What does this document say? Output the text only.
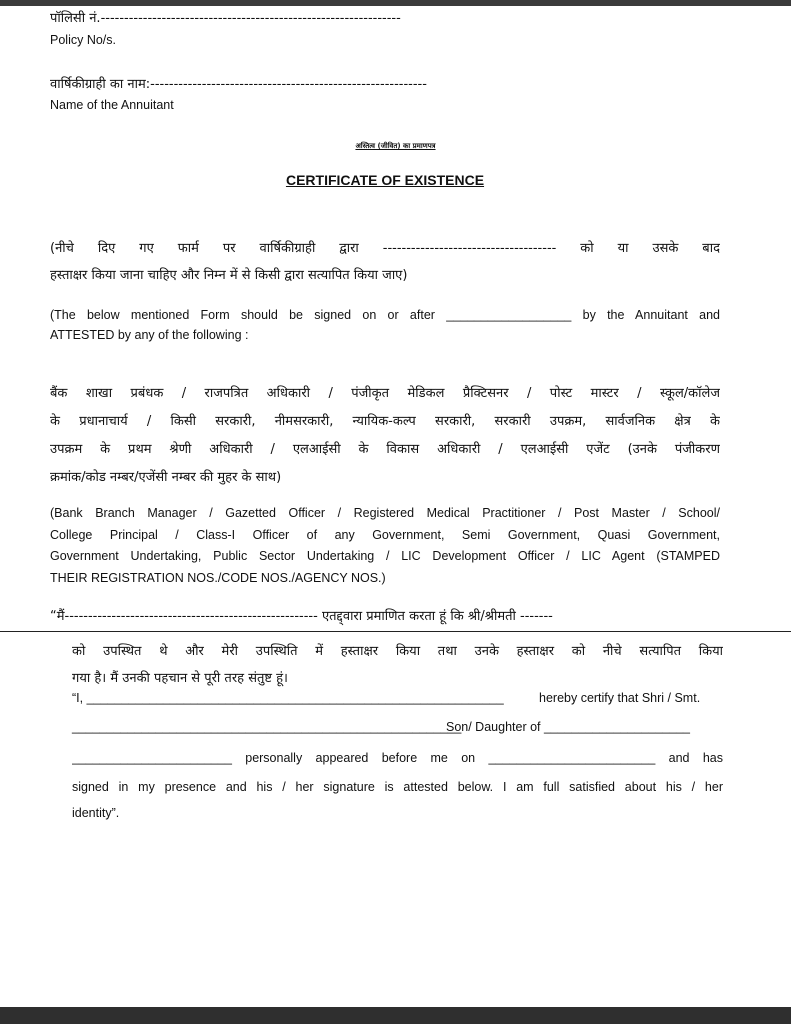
पॉलिसी नं.----------------------------------------------------------------
Policy No/s.
वार्षिकीग्राही का नाम:-----------------------------------------------------------
Name of the Annuitant
अस्तित्व (जीवित) का प्रमाणपत्र
CERTIFICATE OF EXISTENCE
(नीचे दिए गए फार्म पर वार्षिकीग्राही द्वारा ------------------------------------- को या उसके बाद
हस्ताक्षर किया जाना चाहिए और निम्न में से किसी द्वारा सत्यापित किया जाए)
(The below mentioned Form should be signed on or after __________________ by the Annuitant and
ATTESTED by any of the following :
बैंक शाखा प्रबंधक / राजपत्रित अधिकारी / पंजीकृत मेडिकल प्रैक्टिसनर / पोस्ट मास्टर / स्कूल/कॉलेज
के प्रधानाचार्य / किसी सरकारी, नीमसरकारी, न्यायिक-कल्प सरकारी, सरकारी उपक्रम, सार्वजनिक क्षेत्र के
उपक्रम के प्रथम श्रेणी अधिकारी / एलआईसी के विकास अधिकारी / एलआईसी एजेंट (उनके पंजीकरण
क्रमांक/कोड नम्बर/एजेंसी नम्बर की मुहर के साथ)
(Bank Branch Manager / Gazetted Officer / Registered Medical Practitioner / Post Master / School/
College Principal / Class-I Officer of any Government, Semi Government, Quasi Government,
Government Undertaking, Public Sector Undertaking / LIC Development Officer / LIC Agent (STAMPED
THEIR REGISTRATION NOS./CODE NOS./AGENCY NOS.)
“मैं------------------------------------------------------ एतद्द्वारा प्रमाणित करता हूं कि श्री/श्रीमती -------
को उपस्थित थे और मेरी उपस्थिति में हस्ताक्षर किया तथा उनके हस्ताक्षर को नीचे सत्यापित किया
गया है। मैं उनकी पहचान से पूरी तरह संतुष्ट हूं।
“I, ____________________________________________________________	hereby certify that Shri / Smt.
________________________________________________________
Son/ Daughter of _____________________
_______________________ personally appeared before me on ________________________ and has
signed in my presence and his / her signature is attested below. I am full satisfied about his / her
identity”.
